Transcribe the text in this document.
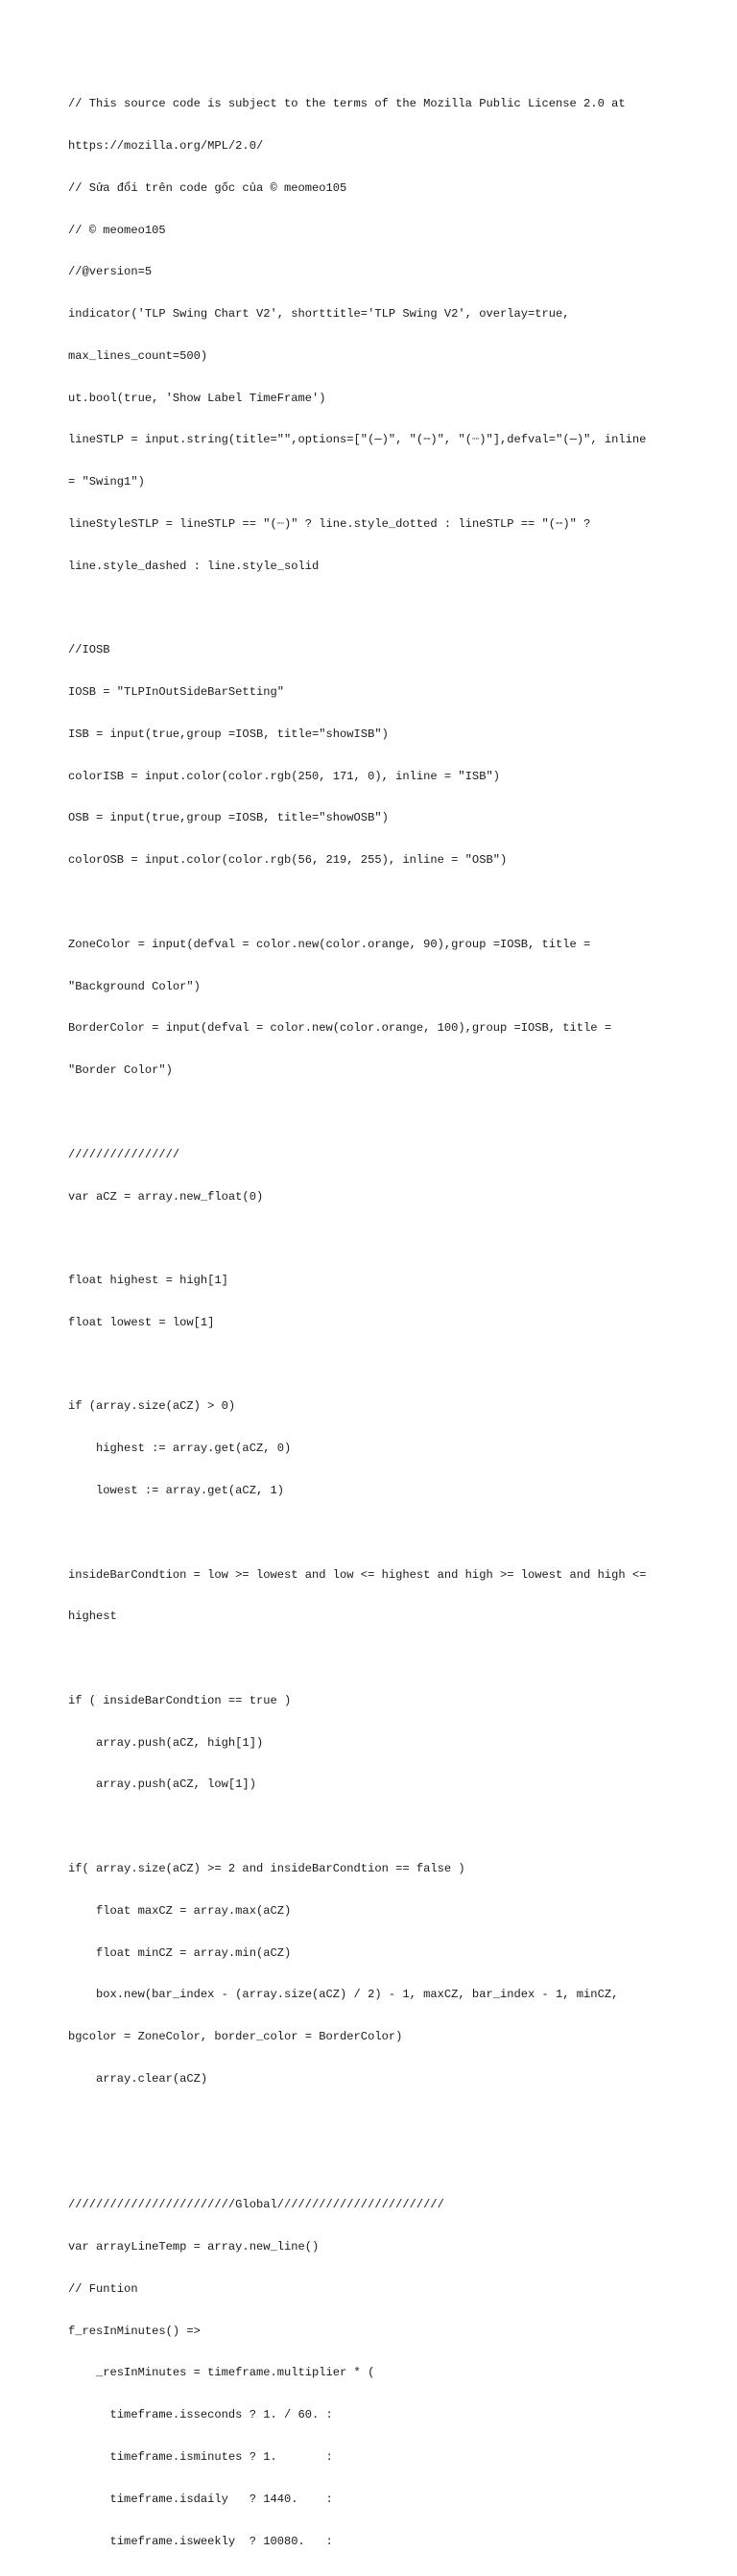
// This source code is subject to the terms of the Mozilla Public License 2.0 at

https://mozilla.org/MPL/2.0/

// Sửa đổi trên code gốc của © meomeo105

// © meomeo105

//@version=5

indicator('TLP Swing Chart V2', shorttitle='TLP Swing V2', overlay=true,

max_lines_count=500)

ut.bool(true, 'Show Label TimeFrame')

lineSTLP = input.string(title="",options=["(─)", "(╌)", "(┈)"],defval="(─)", inline

= "Swing1")

lineStyleSTLP = lineSTLP == "(┈)" ? line.style_dotted : lineSTLP == "(╌)" ?

line.style_dashed : line.style_solid

//IOSB

IOSB = "TLPInOutSideBarSetting"

ISB = input(true,group =IOSB, title="showISB")

colorISB = input.color(color.rgb(250, 171, 0), inline = "ISB")

OSB = input(true,group =IOSB, title="showOSB")

colorOSB = input.color(color.rgb(56, 219, 255), inline = "OSB")

ZoneColor = input(defval = color.new(color.orange, 90),group =IOSB, title =

"Background Color")

BorderColor = input(defval = color.new(color.orange, 100),group =IOSB, title =

"Border Color")

////////////////

var aCZ = array.new_float(0)

float highest = high[1]

float lowest = low[1]

if (array.size(aCZ) > 0)

highest := array.get(aCZ, 0)

lowest := array.get(aCZ, 1)

insideBarCondtion = low >= lowest and low <= highest and high >= lowest and high <=

highest

if ( insideBarCondtion == true )

array.push(aCZ, high[1])

array.push(aCZ, low[1])

if( array.size(aCZ) >= 2 and insideBarCondtion == false )

float maxCZ = array.max(aCZ)

float minCZ = array.min(aCZ)

box.new(bar_index - (array.size(aCZ) / 2) - 1, maxCZ, bar_index - 1, minCZ,

bgcolor = ZoneColor, border_color = BorderColor)

array.clear(aCZ)

////////////////////////Global////////////////////////

var arrayLineTemp = array.new_line()

// Funtion

f_resInMinutes() =>

_resInMinutes = timeframe.multiplier * (

timeframe.isseconds ? 1. / 60. :

timeframe.isminutes ? 1.       :

timeframe.isdaily   ? 1440.    :

timeframe.isweekly  ? 10080.   :
